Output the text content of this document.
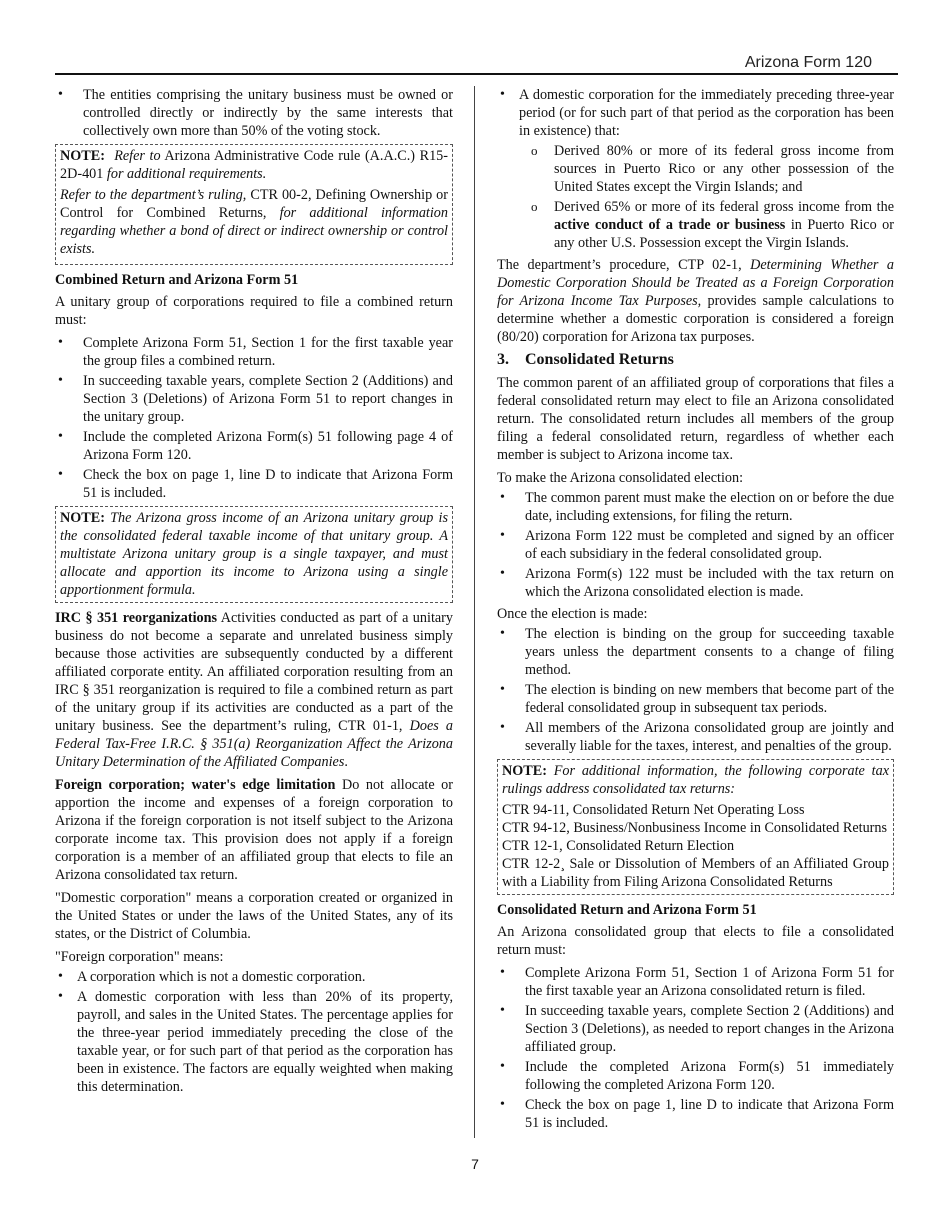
Arizona Form 120
• The entities comprising the unitary business must be owned or controlled directly or indirectly by the same interests that collectively own more than 50% of the voting stock.

NOTE: Refer to Arizona Administrative Code rule (A.A.C.) R15-2D-401 for additional requirements.

Refer to the department’s ruling, CTR 00-2, Defining Ownership or Control for Combined Returns, for additional information regarding whether a bond of direct or indirect ownership or control exists.

Combined Return and Arizona Form 51

A unitary group of corporations required to file a combined return must:

• Complete Arizona Form 51, Section 1 for the first taxable year the group files a combined return.
• In succeeding taxable years, complete Section 2 (Additions) and Section 3 (Deletions) of Arizona Form 51 to report changes in the unitary group.
• Include the completed Arizona Form(s) 51 following page 4 of Arizona Form 120.
• Check the box on page 1, line D to indicate that Arizona Form 51 is included.

NOTE: The Arizona gross income of an Arizona unitary group is the consolidated federal taxable income of that unitary group. A multistate Arizona unitary group is a single taxpayer, and must allocate and apportion its income to Arizona using a single apportionment formula.

IRC § 351 reorganizations Activities conducted as part of a unitary business do not become a separate and unrelated business simply because those activities are subsequently conducted by a different affiliated corporate entity. An affiliated corporation resulting from an IRC § 351 reorganization is required to file a combined return as part of the unitary group if its activities are conducted as a part of the unitary business. See the department’s ruling, CTR 01-1, Does a Federal Tax-Free I.R.C. § 351(a) Reorganization Affect the Arizona Unitary Determination of the Affiliated Companies.

Foreign corporation; water's edge limitation Do not allocate or apportion the income and expenses of a foreign corporation to Arizona if the foreign corporation is not itself subject to the Arizona corporate income tax. This provision does not apply if a foreign corporation is a member of an affiliated group that elects to file an Arizona consolidated tax return.

"Domestic corporation" means a corporation created or organized in the United States or under the laws of the United States, any of its states, or the District of Columbia.

"Foreign corporation" means:

• A corporation which is not a domestic corporation.
• A domestic corporation with less than 20% of its property, payroll, and sales in the United States. The percentage applies for the three-year period immediately preceding the close of the taxable year, or for such part of that period as the corporation has been in existence. The factors are equally weighted when making this determination.
• A domestic corporation for the immediately preceding three-year period (or for such part of that period as the corporation has been in existence) that:
o Derived 80% or more of its federal gross income from sources in Puerto Rico or any other possession of the United States except the Virgin Islands; and
o Derived 65% or more of its federal gross income from the active conduct of a trade or business in Puerto Rico or any other U.S. Possession except the Virgin Islands.

The department’s procedure, CTP 02-1, Determining Whether a Domestic Corporation Should be Treated as a Foreign Corporation for Arizona Income Tax Purposes, provides sample calculations to determine whether a domestic corporation is considered a foreign (80/20) corporation for Arizona tax purposes.

3. Consolidated Returns

The common parent of an affiliated group of corporations that files a federal consolidated return may elect to file an Arizona consolidated return. The consolidated return includes all members of the group filing a federal consolidated return, regardless of whether each member is subject to Arizona income tax.

To make the Arizona consolidated election:

• The common parent must make the election on or before the due date, including extensions, for filing the return.
• Arizona Form 122 must be completed and signed by an officer of each subsidiary in the federal consolidated group.
• Arizona Form(s) 122 must be included with the tax return on which the Arizona consolidated election is made.

Once the election is made:

• The election is binding on the group for succeeding taxable years unless the department consents to a change of filing method.
• The election is binding on new members that become part of the federal consolidated group in subsequent tax periods.
• All members of the Arizona consolidated group are jointly and severally liable for the taxes, interest, and penalties of the group.

NOTE: For additional information, the following corporate tax rulings address consolidated tax returns:

CTR 94-11, Consolidated Return Net Operating Loss

CTR 94-12, Business/Nonbusiness Income in Consolidated Returns

CTR 12-1, Consolidated Return Election

CTR 12-2¸ Sale or Dissolution of Members of an Affiliated Group with a Liability from Filing Arizona Consolidated Returns

Consolidated Return and Arizona Form 51

An Arizona consolidated group that elects to file a consolidated return must:

• Complete Arizona Form 51, Section 1 of Arizona Form 51 for the first taxable year an Arizona consolidated return is filed.
• In succeeding taxable years, complete Section 2 (Additions) and Section 3 (Deletions), as needed to report changes in the Arizona affiliated group.
• Include the completed Arizona Form(s) 51 immediately following the completed Arizona Form 120.
• Check the box on page 1, line D to indicate that Arizona Form 51 is included.
7
